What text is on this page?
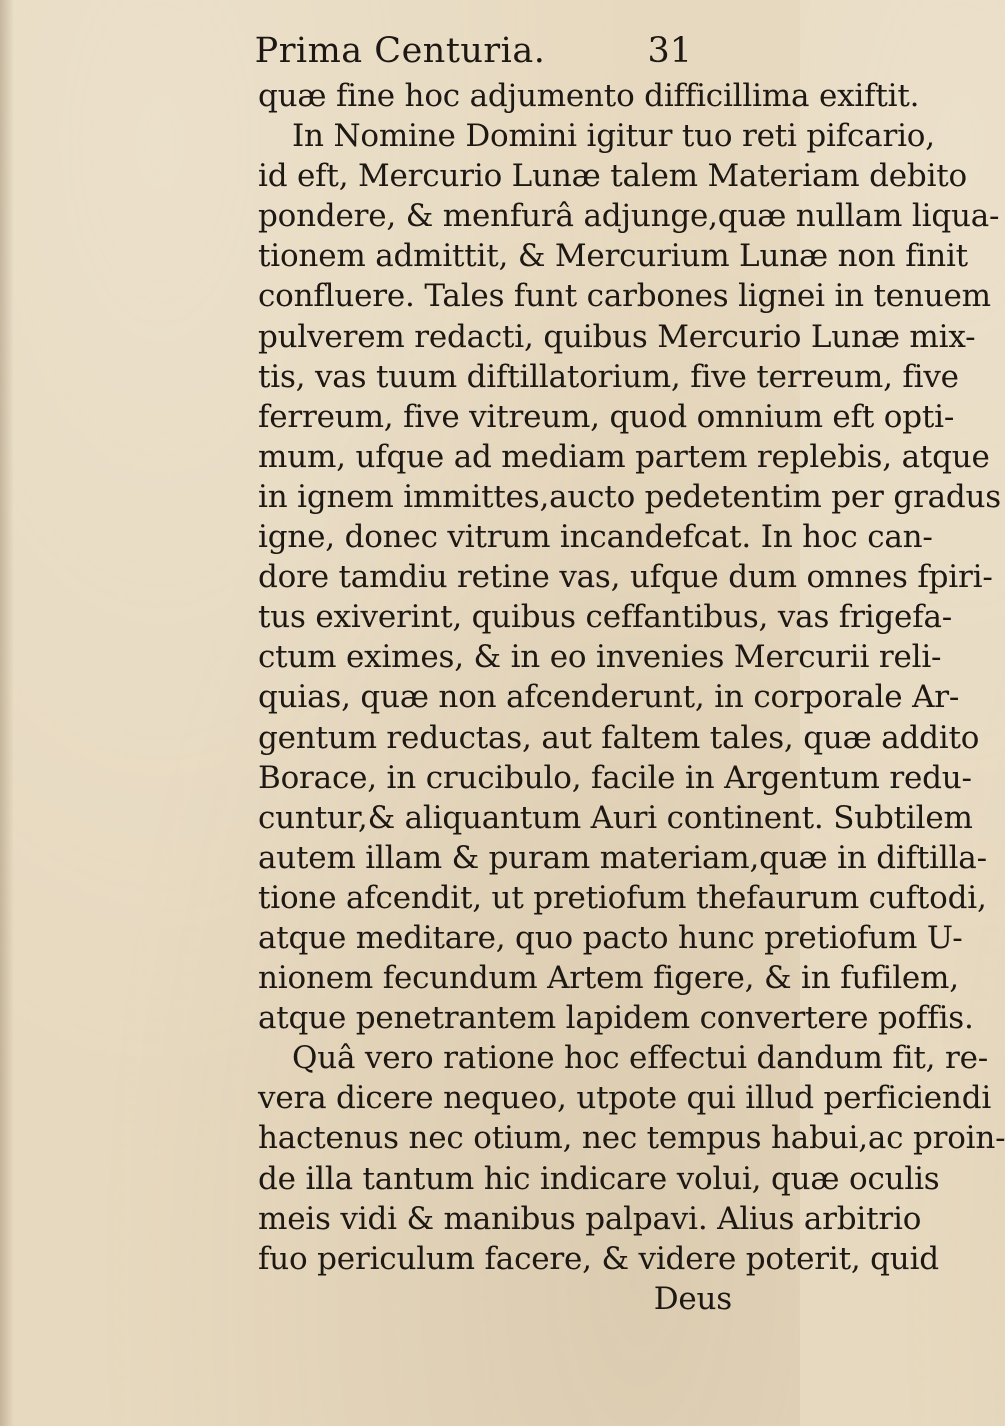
Prima Centuria.	31
quæ fine hoc adjumento difficillima exiftit.
In Nomine Domini igitur tuo reti pifcario,
id eft, Mercurio Lunæ talem Materiam debito
pondere, & menfurâ adjunge,quæ nullam liqua-
tionem admittit, & Mercurium Lunæ non finit
confluere. Tales funt carbones lignei in tenuem
pulverem redacti, quibus Mercurio Lunæ mix-
tis, vas tuum diftillatorium, five terreum, five
ferreum, five vitreum, quod omnium eft opti-
mum, ufque ad mediam partem replebis, atque
in ignem immittes,aucto pedetentim per gradus
igne, donec vitrum incandefcat. In hoc can-
dore tamdiu retine vas, ufque dum omnes fpiri-
tus exiverint, quibus ceffantibus, vas frigefa-
ctum eximes, & in eo invenies Mercurii reli-
quias, quæ non afcenderunt, in corporale Ar-
gentum reductas, aut faltem tales, quæ addito
Borace, in crucibulo, facile in Argentum redu-
cuntur,& aliquantum Auri continent. Subtilem
autem illam & puram materiam,quæ in diftilla-
tione afcendit, ut pretiofum thefaurum cuftodi,
atque meditare, quo pacto hunc pretiofum U-
nionem fecundum Artem figere, & in fufilem,
atque penetrantem lapidem convertere poffis.
Quâ vero ratione hoc effectui dandum fit, re-
vera dicere nequeo, utpote qui illud perficiendi
hactenus nec otium, nec tempus habui,ac proin-
de illa tantum hic indicare volui, quæ oculis
meis vidi & manibus palpavi. Alius arbitrio
fuo periculum facere, & videre poterit, quid
Deus
